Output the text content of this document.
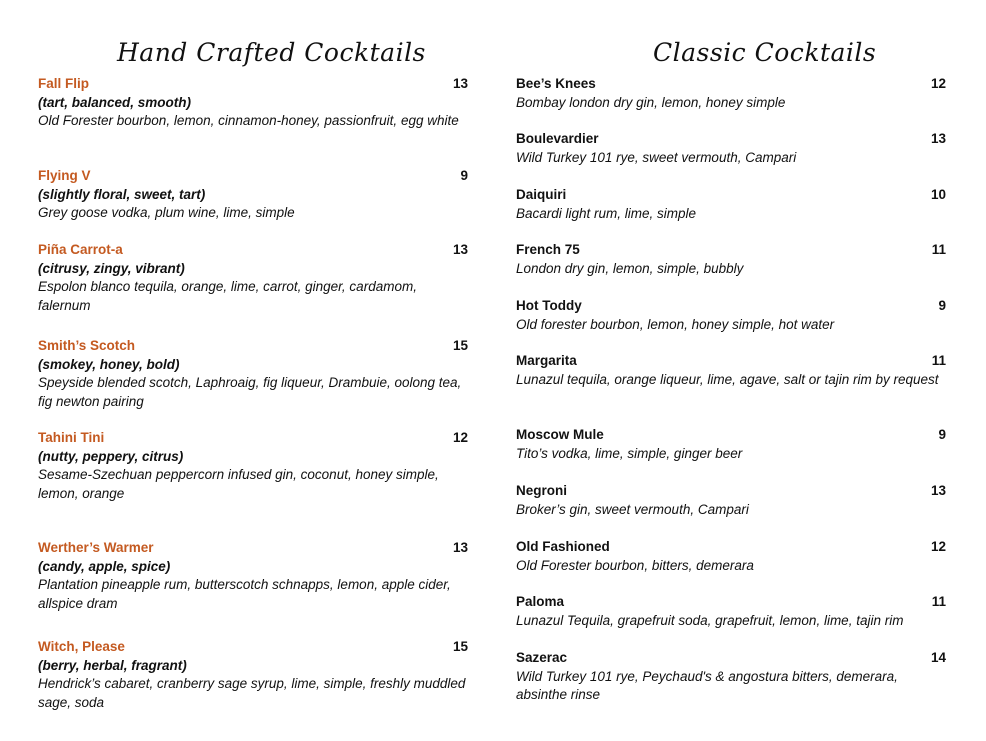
Hand Crafted Cocktails	Classic Cocktails
Fall Flip	13
(tart, balanced, smooth)
Old Forester bourbon, lemon, cinnamon-honey, passionfruit, egg white
Flying V	9
(slightly floral, sweet, tart)
Grey goose vodka, plum wine, lime, simple
Piña Carrot-a	13
(citrusy, zingy, vibrant)
Espolon blanco tequila, orange, lime, carrot, ginger, cardamom, falernum
Smith’s Scotch	15
(smokey, honey, bold)
Speyside blended scotch, Laphroaig, fig liqueur, Drambuie, oolong tea, fig newton pairing
Tahini Tini	12
(nutty, peppery, citrus)
Sesame-Szechuan peppercorn infused gin, coconut, honey simple, lemon, orange
Werther’s Warmer	13
(candy, apple, spice)
Plantation pineapple rum, butterscotch schnapps, lemon, apple cider, allspice dram
Witch, Please	15
(berry, herbal, fragrant)
Hendrick’s cabaret, cranberry sage syrup, lime, simple, freshly muddled sage, soda
Bee’s Knees	12
Bombay london dry gin, lemon, honey simple
Boulevardier	13
Wild Turkey 101 rye, sweet vermouth, Campari
Daiquiri	10
Bacardi light rum, lime, simple
French 75	11
London dry gin, lemon, simple, bubbly
Hot Toddy	9
Old forester bourbon, lemon, honey simple, hot water
Margarita	11
Lunazul tequila, orange liqueur, lime, agave, salt or tajin rim by request
Moscow Mule	9
Tito’s vodka, lime, simple, ginger beer
Negroni	13
Broker’s gin, sweet vermouth, Campari
Old Fashioned	12
Old Forester bourbon, bitters, demerara
Paloma	11
Lunazul Tequila, grapefruit soda, grapefruit, lemon, lime, tajin rim
Sazerac	14
Wild Turkey 101 rye, Peychaud's & angostura bitters, demerara, absinthe rinse
